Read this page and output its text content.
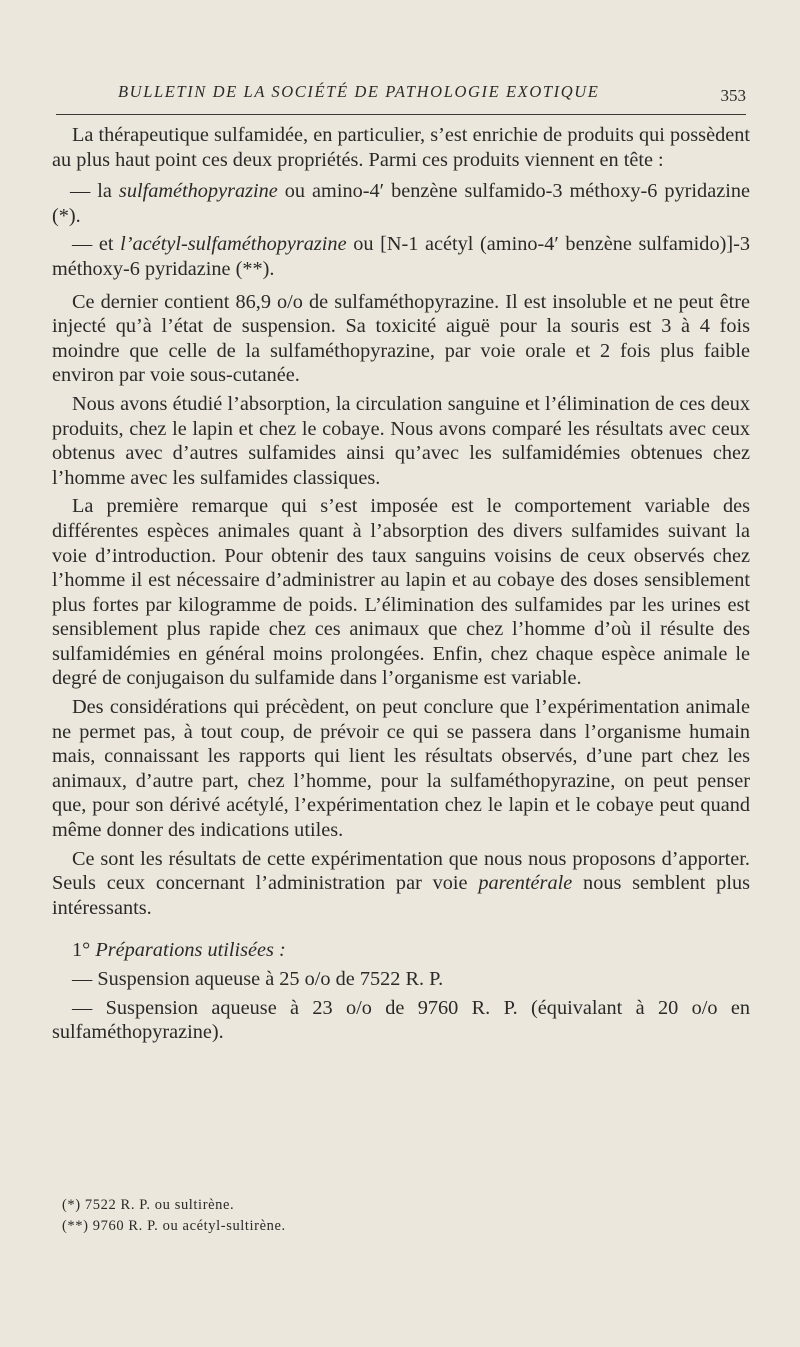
BULLETIN DE LA SOCIÉTÉ DE PATHOLOGIE EXOTIQUE	353

La thérapeutique sulfamidée, en particulier, s’est enrichie de produits qui possèdent au plus haut point ces deux propriétés. Parmi ces produits viennent en tête :

— la sulfaméthopyrazine ou amino-4′ benzène sulfamido-3 méthoxy-6 pyridazine (*).

— et l’acétyl-sulfaméthopyrazine ou [N-1 acétyl (amino-4′ benzène sulfamido)]-3 méthoxy-6 pyridazine (**).

Ce dernier contient 86,9 o/o de sulfaméthopyrazine. Il est insoluble et ne peut être injecté qu’à l’état de suspension. Sa toxicité aiguë pour la souris est 3 à 4 fois moindre que celle de la sulfaméthopyrazine, par voie orale et 2 fois plus faible environ par voie sous-cutanée.

Nous avons étudié l’absorption, la circulation sanguine et l’élimination de ces deux produits, chez le lapin et chez le cobaye. Nous avons comparé les résultats avec ceux obtenus avec d’autres sulfamides ainsi qu’avec les sulfamidémies obtenues chez l’homme avec les sulfamides classiques.

La première remarque qui s’est imposée est le comportement variable des différentes espèces animales quant à l’absorption des divers sulfamides suivant la voie d’introduction. Pour obtenir des taux sanguins voisins de ceux observés chez l’homme il est nécessaire d’administrer au lapin et au cobaye des doses sensiblement plus fortes par kilogramme de poids. L’élimination des sulfamides par les urines est sensiblement plus rapide chez ces animaux que chez l’homme d’où il résulte des sulfamidémies en général moins prolongées. Enfin, chez chaque espèce animale le degré de conjugaison du sulfamide dans l’organisme est variable.

Des considérations qui précèdent, on peut conclure que l’expérimentation animale ne permet pas, à tout coup, de prévoir ce qui se passera dans l’organisme humain mais, connaissant les rapports qui lient les résultats observés, d’une part chez les animaux, d’autre part, chez l’homme, pour la sulfaméthopyrazine, on peut penser que, pour son dérivé acétylé, l’expérimentation chez le lapin et le cobaye peut quand même donner des indications utiles.

Ce sont les résultats de cette expérimentation que nous nous proposons d’apporter. Seuls ceux concernant l’administration par voie parentérale nous semblent plus intéressants.

1° Préparations utilisées :

— Suspension aqueuse à 25 o/o de 7522 R. P.

— Suspension aqueuse à 23 o/o de 9760 R. P. (équivalant à 20 o/o en sulfaméthopyrazine).

(*) 7522 R. P. ou sultirène.
(**) 9760 R. P. ou acétyl-sultirène.
